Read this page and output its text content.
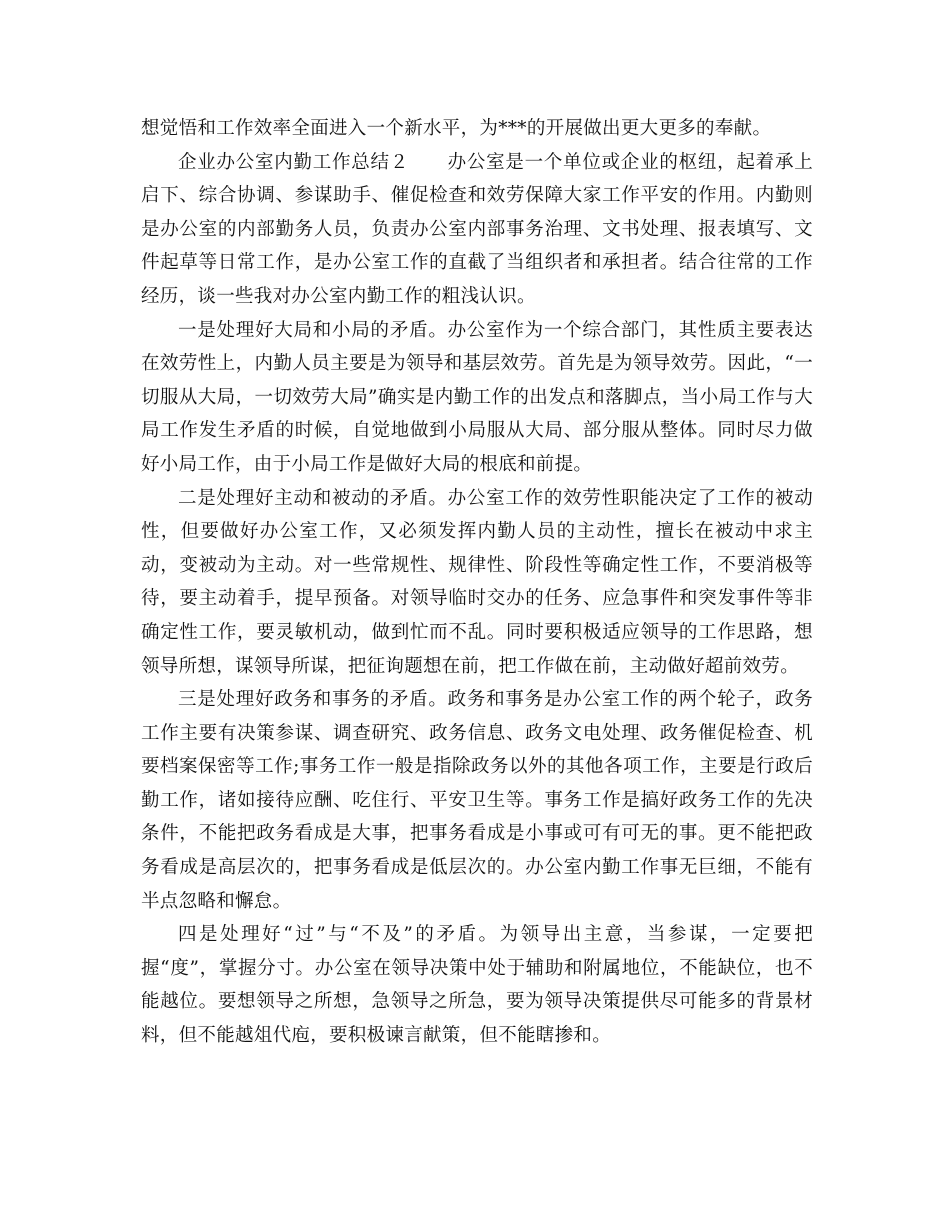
想觉悟和工作效率全面进入一个新水平，为***的开展做出更大更多的奉献。

企业办公室内勤工作总结２　　办公室是一个单位或企业的枢纽，起着承上启下、综合协调、参谋助手、催促检查和效劳保障大家工作平安的作用。内勤则是办公室的内部勤务人员，负责办公室内部事务治理、文书处理、报表填写、文件起草等日常工作，是办公室工作的直截了当组织者和承担者。结合往常的工作经历，谈一些我对办公室内勤工作的粗浅认识。

一是处理好大局和小局的矛盾。办公室作为一个综合部门，其性质主要表达在效劳性上，内勤人员主要是为领导和基层效劳。首先是为领导效劳。因此，“一切服从大局，一切效劳大局”确实是内勤工作的出发点和落脚点，当小局工作与大局工作发生矛盾的时候，自觉地做到小局服从大局、部分服从整体。同时尽力做好小局工作，由于小局工作是做好大局的根底和前提。

二是处理好主动和被动的矛盾。办公室工作的效劳性职能决定了工作的被动性，但要做好办公室工作，又必须发挥内勤人员的主动性，擅长在被动中求主动，变被动为主动。对一些常规性、规律性、阶段性等确定性工作，不要消极等待，要主动着手，提早预备。对领导临时交办的任务、应急事件和突发事件等非确定性工作，要灵敏机动，做到忙而不乱。同时要积极适应领导的工作思路，想领导所想，谋领导所谋，把征询题想在前，把工作做在前，主动做好超前效劳。

三是处理好政务和事务的矛盾。政务和事务是办公室工作的两个轮子，政务工作主要有决策参谋、调查研究、政务信息、政务文电处理、政务催促检查、机要档案保密等工作;事务工作一般是指除政务以外的其他各项工作，主要是行政后勤工作，诸如接待应酬、吃住行、平安卫生等。事务工作是搞好政务工作的先决条件，不能把政务看成是大事，把事务看成是小事或可有可无的事。更不能把政务看成是高层次的，把事务看成是低层次的。办公室内勤工作事无巨细，不能有半点忽略和懈怠。

四是处理好“过”与“不及”的矛盾。为领导出主意，当参谋，一定要把握“度”，掌握分寸。办公室在领导决策中处于辅助和附属地位，不能缺位，也不能越位。要想领导之所想，急领导之所急，要为领导决策提供尽可能多的背景材料，但不能越俎代庖，要积极谏言献策，但不能瞎掺和。
